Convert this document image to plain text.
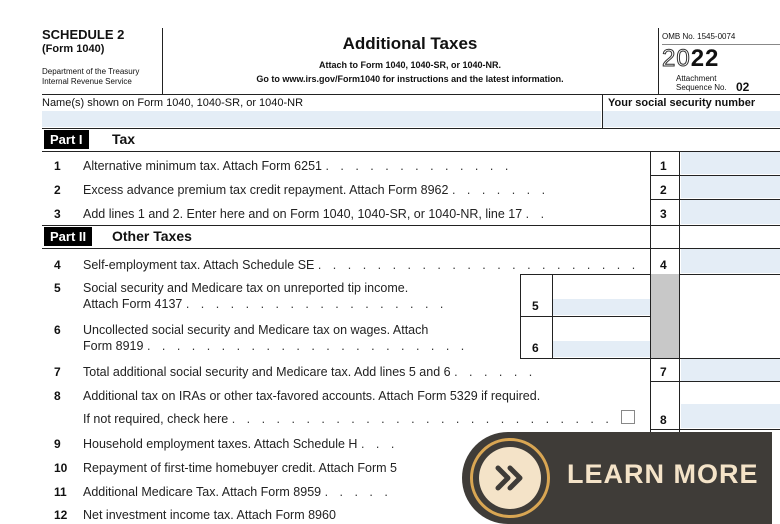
SCHEDULE 2
(Form 1040)
Department of the Treasury
Internal Revenue Service
Additional Taxes
Attach to Form 1040, 1040-SR, or 1040-NR.
Go to www.irs.gov/Form1040 for instructions and the latest information.
OMB No. 1545-0074
2022
Attachment
Sequence No. 02
Name(s) shown on Form 1040, 1040-SR, or 1040-NR	Your social security number
Part I	Tax
1 Alternative minimum tax. Attach Form 6251 . . . . . . . . . . . . .	1
2 Excess advance premium tax credit repayment. Attach Form 8962 . . . . . . .	2
3 Add lines 1 and 2. Enter here and on Form 1040, 1040-SR, or 1040-NR, line 17 . .	3
Part II	Other Taxes
4 Self-employment tax. Attach Schedule SE . . . . . . . . . . . . . . . . . . . . . . 4
5 Social security and Medicare tax on unreported tip income.
Attach Form 4137 . . . . . . . . . . . . . . . . . .	5
6 Uncollected social security and Medicare tax on wages. Attach
Form 8919 . . . . . . . . . . . . . . . . . . . . . .	6
7 Total additional social security and Medicare tax. Add lines 5 and 6 . . . . . .	7
8 Additional tax on IRAs or other tax-favored accounts. Attach Form 5329 if required.
If not required, check here . . . . . . . . . . . . . . . . . . . . . . . . . .	8
9 Household employment taxes. Attach Schedule H . . .
10 Repayment of first-time homebuyer credit. Attach Form 5
11 Additional Medicare Tax. Attach Form 8959 . . . . .
12 Net investment income tax. Attach Form 8960
LEARN MORE
